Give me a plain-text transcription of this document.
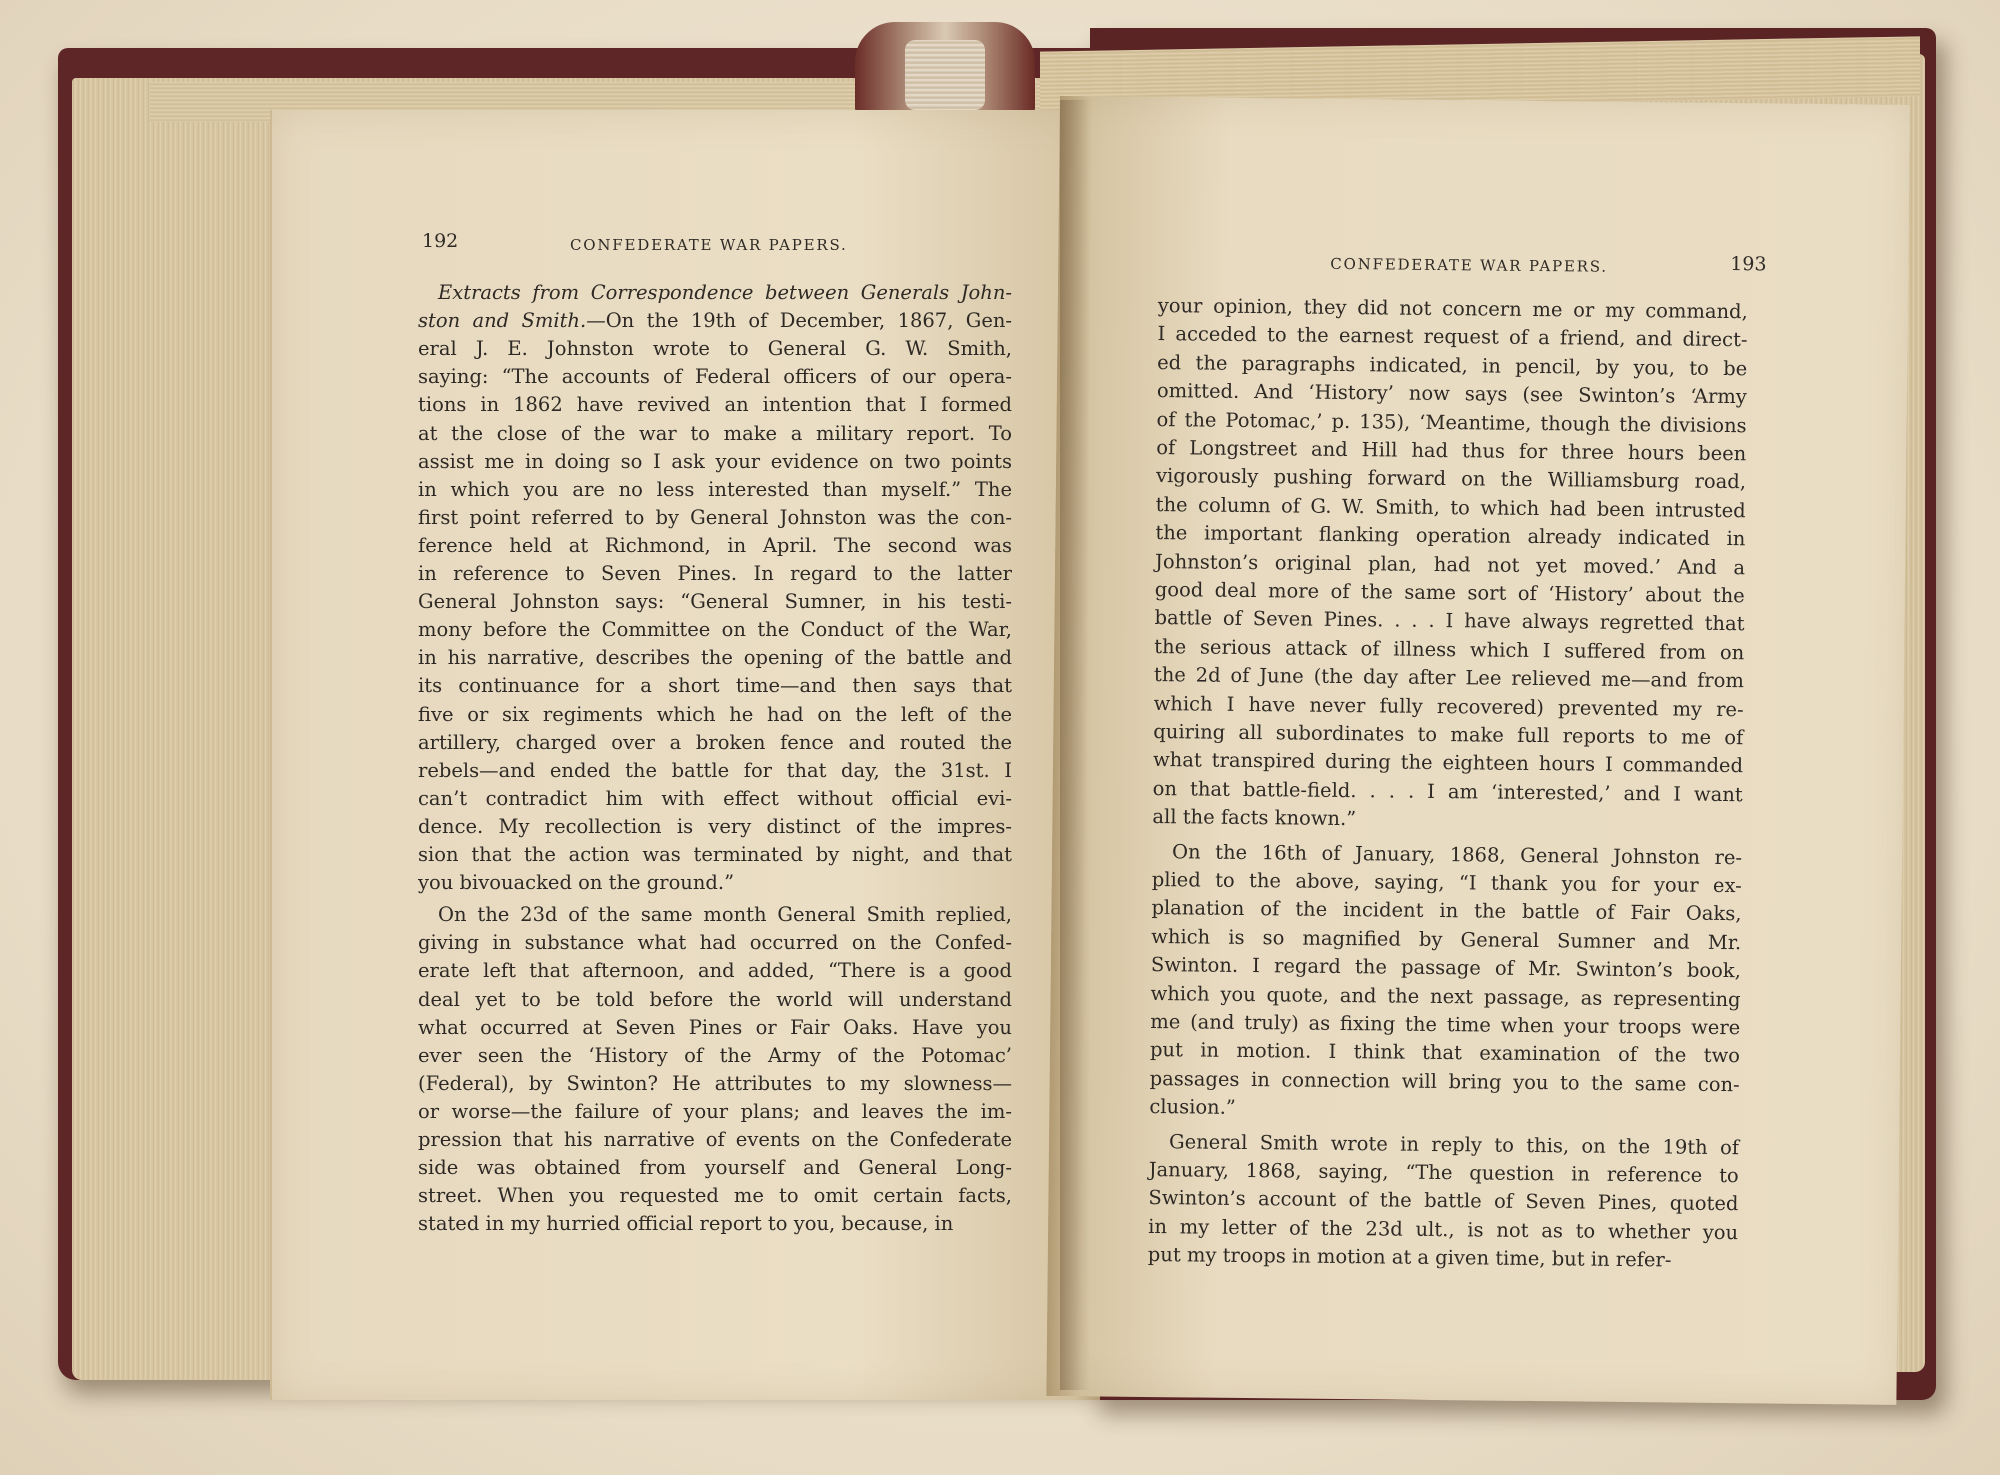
192	CONFEDERATE WAR PAPERS.
Extracts from Correspondence between Generals John-
ston and Smith.—On the 19th of December, 1867, Gen-
eral J. E. Johnston wrote to General G. W. Smith,
saying: “The accounts of Federal officers of our opera-
tions in 1862 have revived an intention that I formed
at the close of the war to make a military report. To
assist me in doing so I ask your evidence on two points
in which you are no less interested than myself.” The
first point referred to by General Johnston was the con-
ference held at Richmond, in April. The second was
in reference to Seven Pines. In regard to the latter
General Johnston says: “General Sumner, in his testi-
mony before the Committee on the Conduct of the War,
in his narrative, describes the opening of the battle and
its continuance for a short time—and then says that
five or six regiments which he had on the left of the
artillery, charged over a broken fence and routed the
rebels—and ended the battle for that day, the 31st. I
can’t contradict him with effect without official evi-
dence. My recollection is very distinct of the impres-
sion that the action was terminated by night, and that
you bivouacked on the ground.”
On the 23d of the same month General Smith replied,
giving in substance what had occurred on the Confed-
erate left that afternoon, and added, “There is a good
deal yet to be told before the world will understand
what occurred at Seven Pines or Fair Oaks. Have you
ever seen the ‘History of the Army of the Potomac’
(Federal), by Swinton? He attributes to my slowness—
or worse—the failure of your plans; and leaves the im-
pression that his narrative of events on the Confederate
side was obtained from yourself and General Long-
street. When you requested me to omit certain facts,
stated in my hurried official report to you, because, in
CONFEDERATE WAR PAPERS.	193
your opinion, they did not concern me or my command,
I acceded to the earnest request of a friend, and direct-
ed the paragraphs indicated, in pencil, by you, to be
omitted. And ‘History’ now says (see Swinton’s ‘Army
of the Potomac,’ p. 135), ‘Meantime, though the divisions
of Longstreet and Hill had thus for three hours been
vigorously pushing forward on the Williamsburg road,
the column of G. W. Smith, to which had been intrusted
the important flanking operation already indicated in
Johnston’s original plan, had not yet moved.’ And a
good deal more of the same sort of ‘History’ about the
battle of Seven Pines. . . . I have always regretted that
the serious attack of illness which I suffered from on
the 2d of June (the day after Lee relieved me—and from
which I have never fully recovered) prevented my re-
quiring all subordinates to make full reports to me of
what transpired during the eighteen hours I commanded
on that battle-field. . . . I am ‘interested,’ and I want
all the facts known.”
On the 16th of January, 1868, General Johnston re-
plied to the above, saying, “I thank you for your ex-
planation of the incident in the battle of Fair Oaks,
which is so magnified by General Sumner and Mr.
Swinton. I regard the passage of Mr. Swinton’s book,
which you quote, and the next passage, as representing
me (and truly) as fixing the time when your troops were
put in motion. I think that examination of the two
passages in connection will bring you to the same con-
clusion.”
General Smith wrote in reply to this, on the 19th of
January, 1868, saying, “The question in reference to
Swinton’s account of the battle of Seven Pines, quoted
in my letter of the 23d ult., is not as to whether you
put my troops in motion at a given time, but in refer-
